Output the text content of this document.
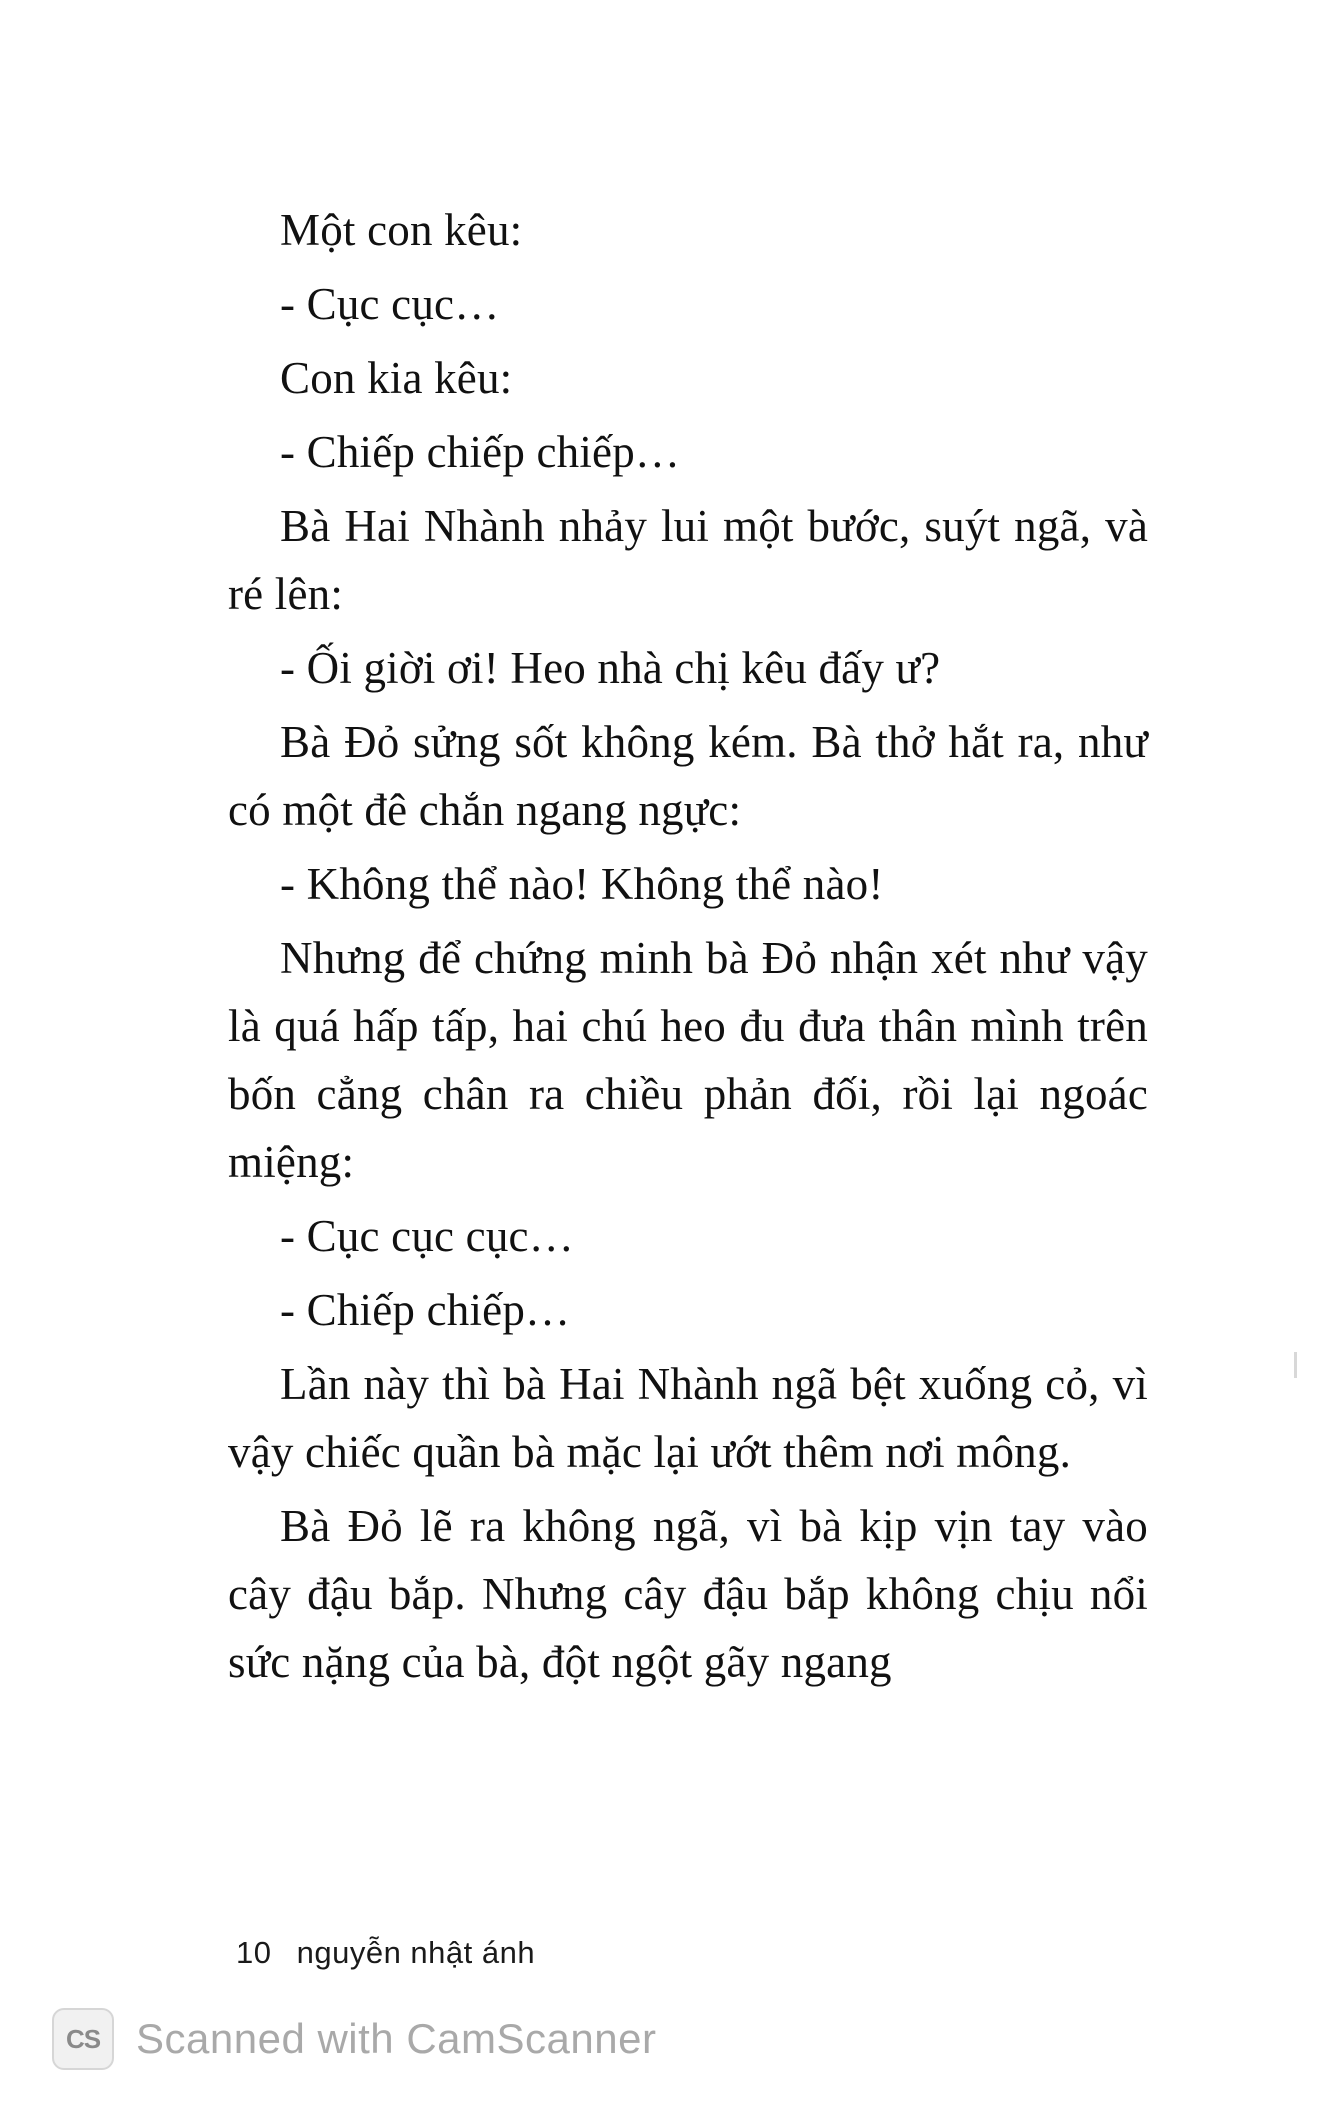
Một con kêu:

- Cục cục…

Con kia kêu:

- Chiếp chiếp chiếp…

Bà Hai Nhành nhảy lui một bước, suýt ngã, và ré lên:

- Ối giời ơi! Heo nhà chị kêu đấy ư?

Bà Đỏ sửng sốt không kém. Bà thở hắt ra, như có một đê chắn ngang ngực:

- Không thể nào! Không thể nào!

Nhưng để chứng minh bà Đỏ nhận xét như vậy là quá hấp tấp, hai chú heo đu đưa thân mình trên bốn cẳng chân ra chiều phản đối, rồi lại ngoác miệng:

- Cục cục cục…

- Chiếp chiếp…

Lần này thì bà Hai Nhành ngã bệt xuống cỏ, vì vậy chiếc quần bà mặc lại ướt thêm nơi mông.

Bà Đỏ lẽ ra không ngã, vì bà kịp vịn tay vào cây đậu bắp. Nhưng cây đậu bắp không chịu nổi sức nặng của bà, đột ngột gãy ngang

10 nguyễn nhật ánh
CS Scanned with CamScanner
